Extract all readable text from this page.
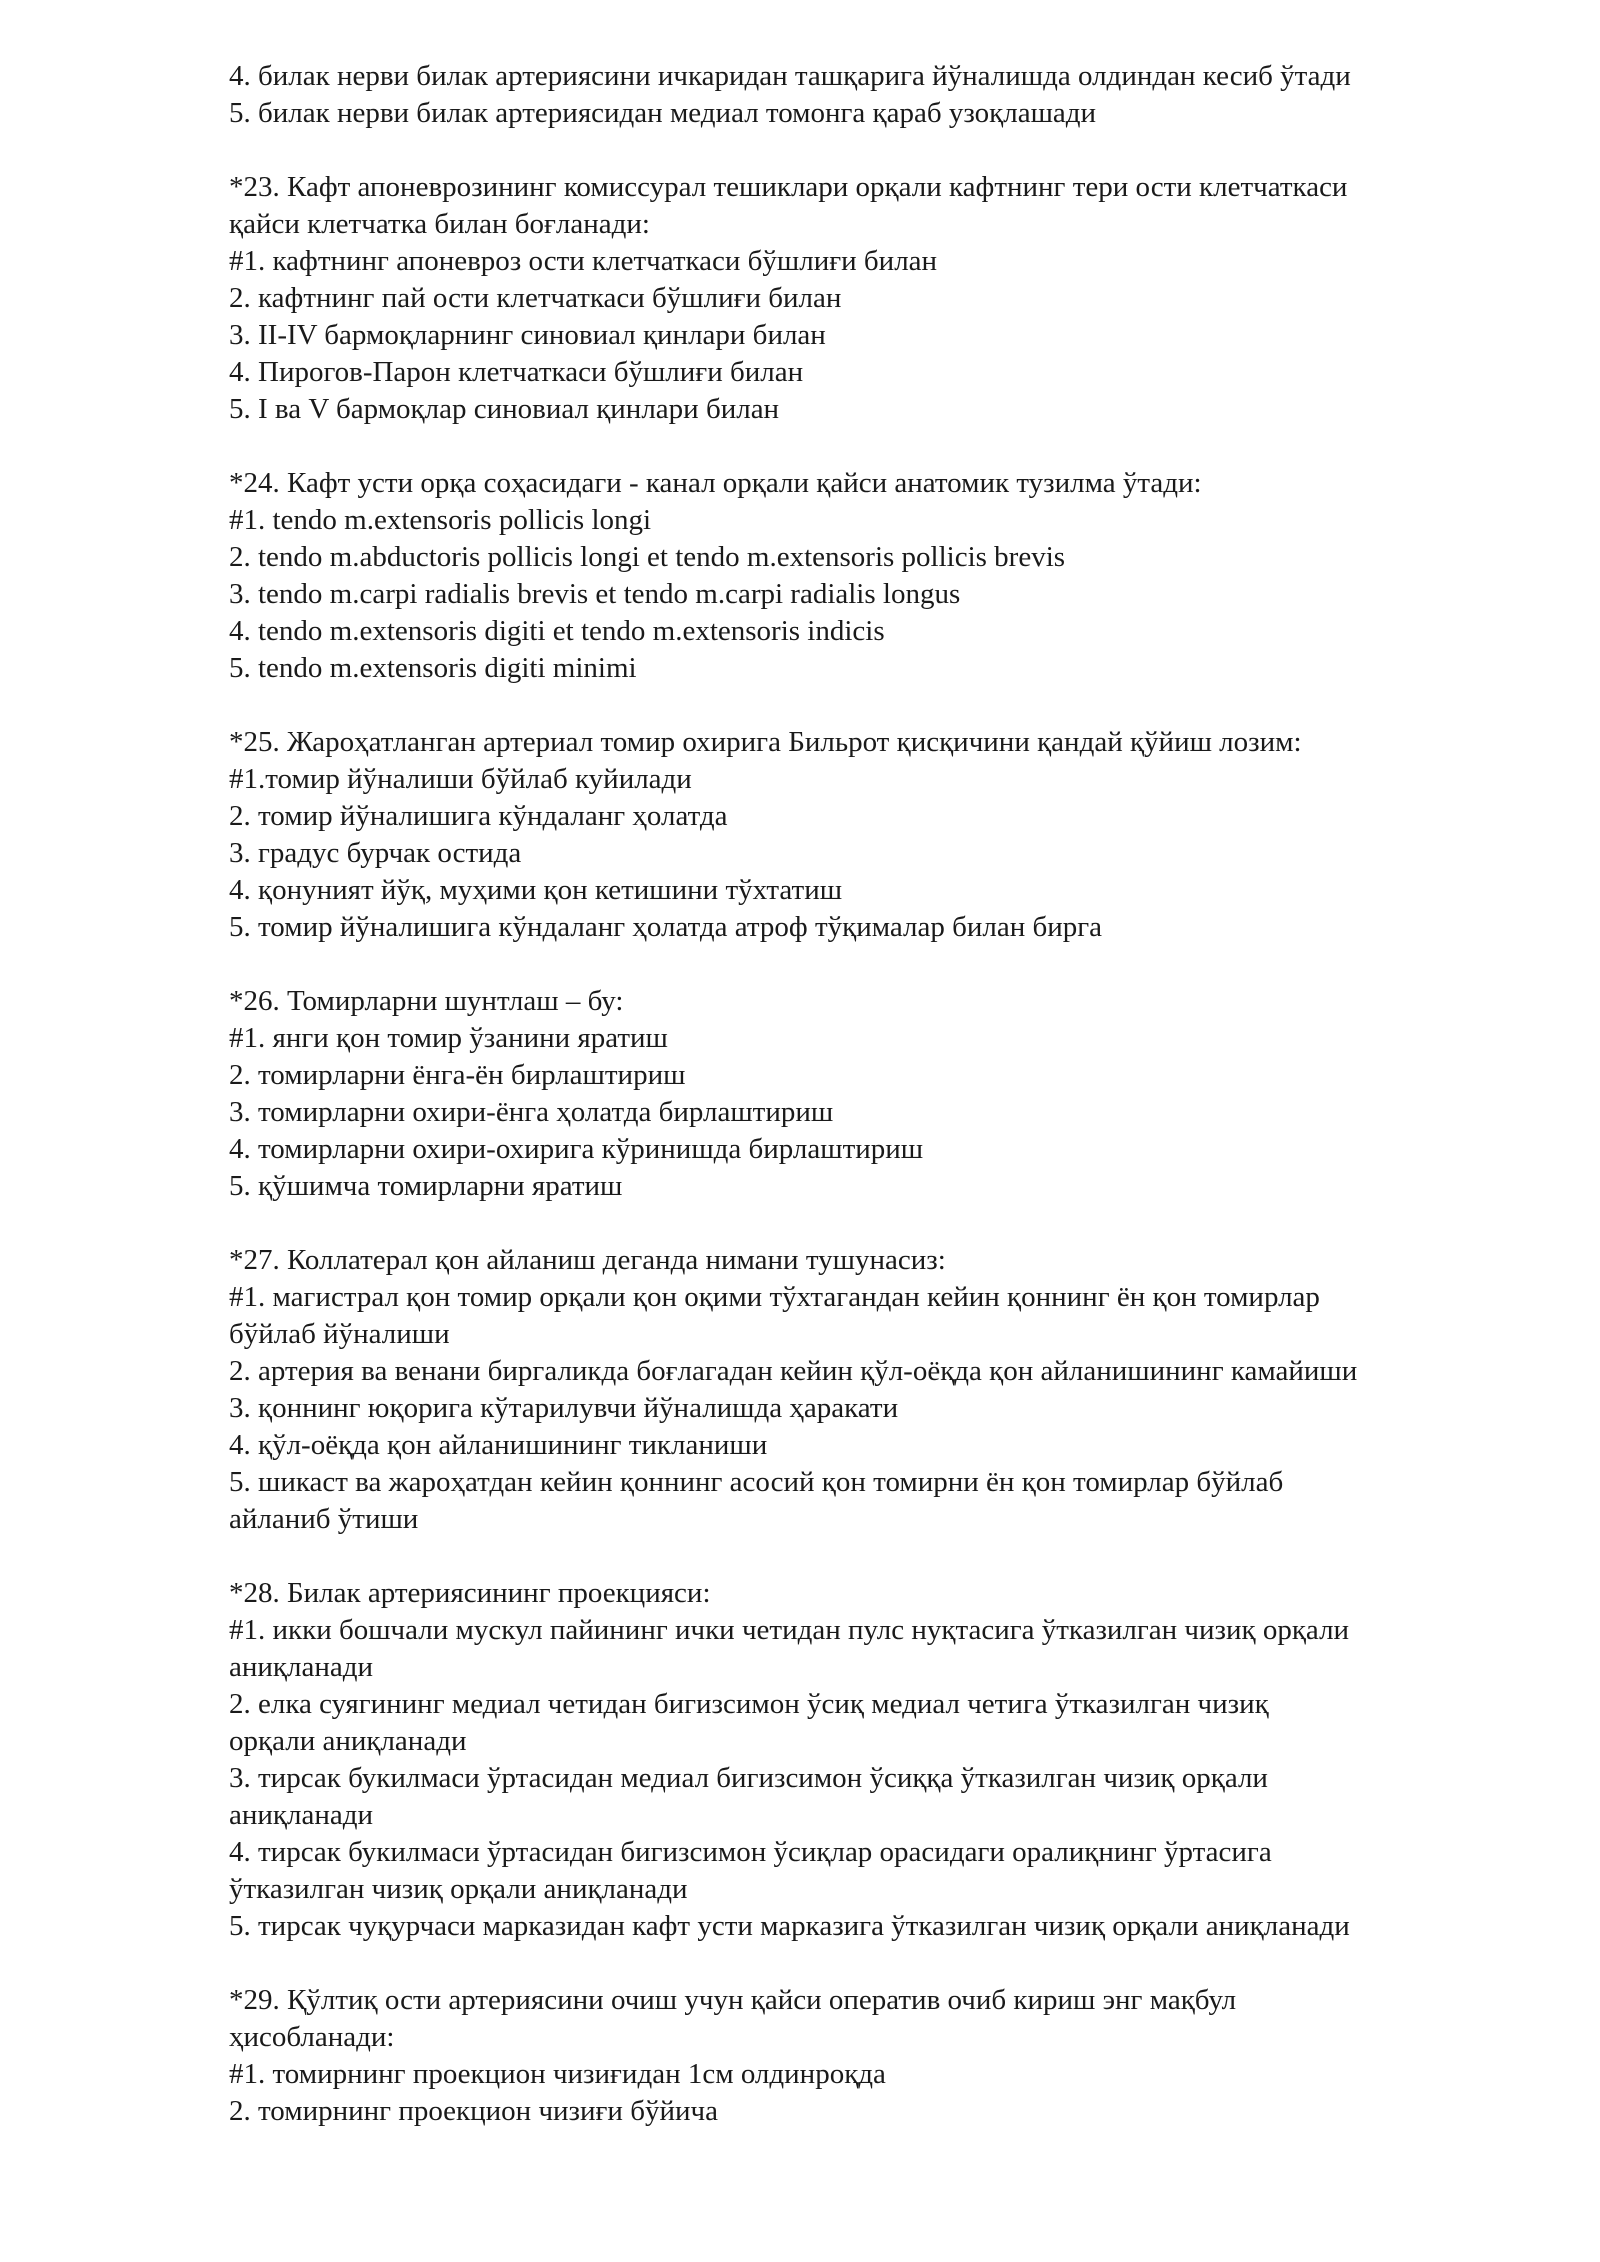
4. билак нерви билак артериясини ичкаридан ташқарига йўналишда олдиндан кесиб ўтади
5. билак нерви билак артериясидан медиал томонга қараб узоқлашади
*23. Кафт апоневрозининг комиссурал тешиклари орқали кафтнинг тери ости клетчаткаси
қайси клетчатка билан боғланади:
#1. кафтнинг апоневроз ости клетчаткаси бўшлиғи билан
2. кафтнинг пай ости клетчаткаси бўшлиғи билан
3. II-IV бармоқларнинг синовиал қинлари билан
4. Пирогов-Парон клетчаткаси бўшлиғи билан
5. I ва V бармоқлар синовиал қинлари билан
*24. Кафт усти орқа соҳасидаги - канал орқали қайси анатомик тузилма ўтади:
#1. tendo m.extensoris pollicis longi
2. tendo m.abductoris pollicis longi et tendo m.extensoris pollicis brevis
3. tendo m.carpi radialis brevis et tendo m.carpi radialis longus
4. tendo m.extensoris digiti et tendo m.extensoris indicis
5. tendo m.extensoris digiti minimi
*25. Жароҳатланган артериал томир охирига Бильрот қисқичини қандай қўйиш лозим:
#1.томир йўналиши бўйлаб куйилади
2. томир йўналишига кўндаланг ҳолатда
3. градус бурчак остида
4. қонуният йўқ, муҳими қон кетишини тўхтатиш
5. томир йўналишига кўндаланг ҳолатда атроф тўқималар билан бирга
*26. Томирларни шунтлаш – бу:
#1. янги қон томир ўзанини яратиш
2. томирларни ёнга-ён бирлаштириш
3. томирларни охири-ёнга ҳолатда бирлаштириш
4. томирларни охири-охирига кўринишда бирлаштириш
5. қўшимча томирларни яратиш
*27. Коллатерал қон айланиш деганда нимани тушунасиз:
#1. магистрал қон томир орқали қон оқими тўхтагандан кейин қоннинг ён қон томирлар
бўйлаб йўналиши
2. артерия ва венани биргаликда боғлагадан кейин қўл-оёқда қон айланишининг камайиши
3. қоннинг юқорига кўтарилувчи йўналишда ҳаракати
4. қўл-оёқда қон айланишининг тикланиши
5. шикаст ва жароҳатдан кейин қоннинг асосий қон томирни ён қон томирлар бўйлаб
айланиб ўтиши
*28. Билак артериясининг проекцияси:
#1. икки бошчали мускул пайининг ички четидан пулс нуқтасига ўтказилган чизиқ орқали
аниқланади
2. елка суягининг медиал четидан бигизсимон ўсиқ медиал четига ўтказилган чизиқ
орқали аниқланади
3. тирсак букилмаси ўртасидан медиал бигизсимон ўсиққа ўтказилган чизиқ орқали
аниқланади
4. тирсак букилмаси ўртасидан бигизсимон ўсиқлар орасидаги оралиқнинг ўртасига
ўтказилган чизиқ орқали аниқланади
5. тирсак чуқурчаси марказидан кафт усти марказига ўтказилган чизиқ орқали аниқланади
*29. Қўлтиқ ости артериясини очиш учун қайси оператив очиб кириш энг мақбул
ҳисобланади:
#1. томирнинг проекцион чизиғидан 1см олдинроқда
2. томирнинг проекцион чизиғи бўйича
